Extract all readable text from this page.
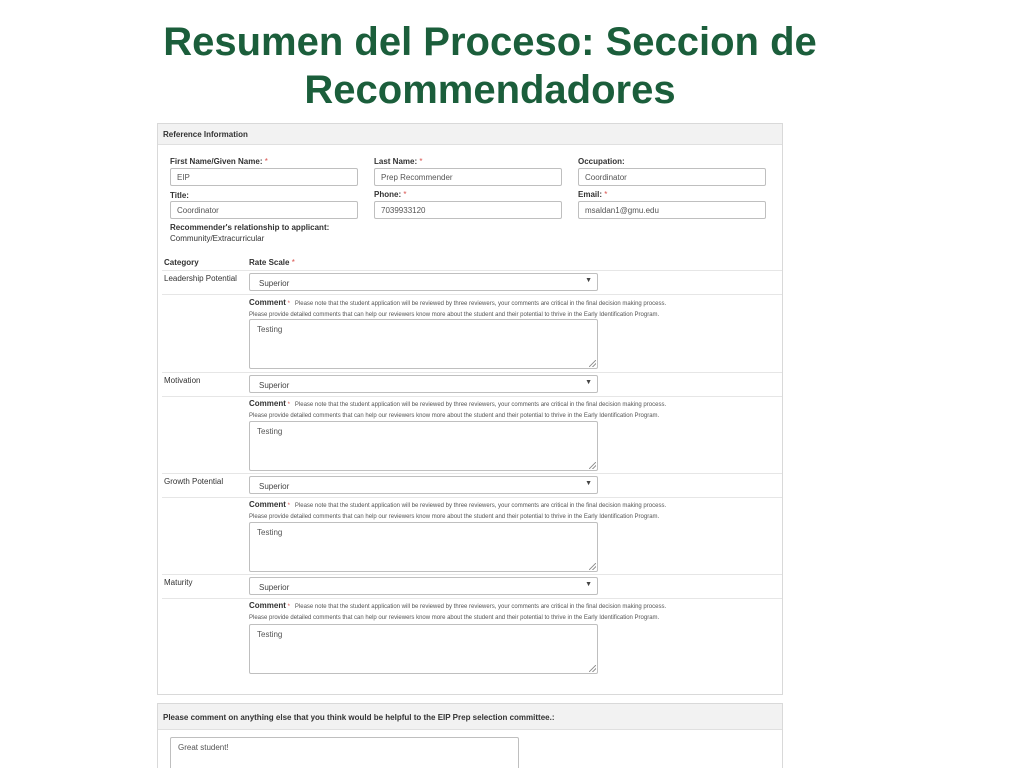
Resumen del Proceso: Seccion de
Recommendadores
Reference Information
First Name/Given Name: *	Last Name: *	Occupation:
EIP	Prep Recommender	Coordinator
Title:	Phone: *	Email: *
Coordinator	7039933120	msaldan1@gmu.edu
Recommender's relationship to applicant:
Community/Extracurricular
Category	Rate Scale *
Leadership Potential
Superior	▼
Comment * Please note that the student application will be reviewed by three reviewers, your comments are critical in the final decision making process.
Please provide detailed comments that can help our reviewers know more about the student and their potential to thrive in the Early Identification Program.
Testing
Motivation
Superior	▼
Comment * Please note that the student application will be reviewed by three reviewers, your comments are critical in the final decision making process.
Please provide detailed comments that can help our reviewers know more about the student and their potential to thrive in the Early Identification Program.
Testing
Growth Potential
Superior	▼
Comment * Please note that the student application will be reviewed by three reviewers, your comments are critical in the final decision making process.
Please provide detailed comments that can help our reviewers know more about the student and their potential to thrive in the Early Identification Program.
Testing
Maturity
Superior	▼
Comment * Please note that the student application will be reviewed by three reviewers, your comments are critical in the final decision making process.
Please provide detailed comments that can help our reviewers know more about the student and their potential to thrive in the Early Identification Program.
Testing
Please comment on anything else that you think would be helpful to the EIP Prep selection committee.:
Great student!
